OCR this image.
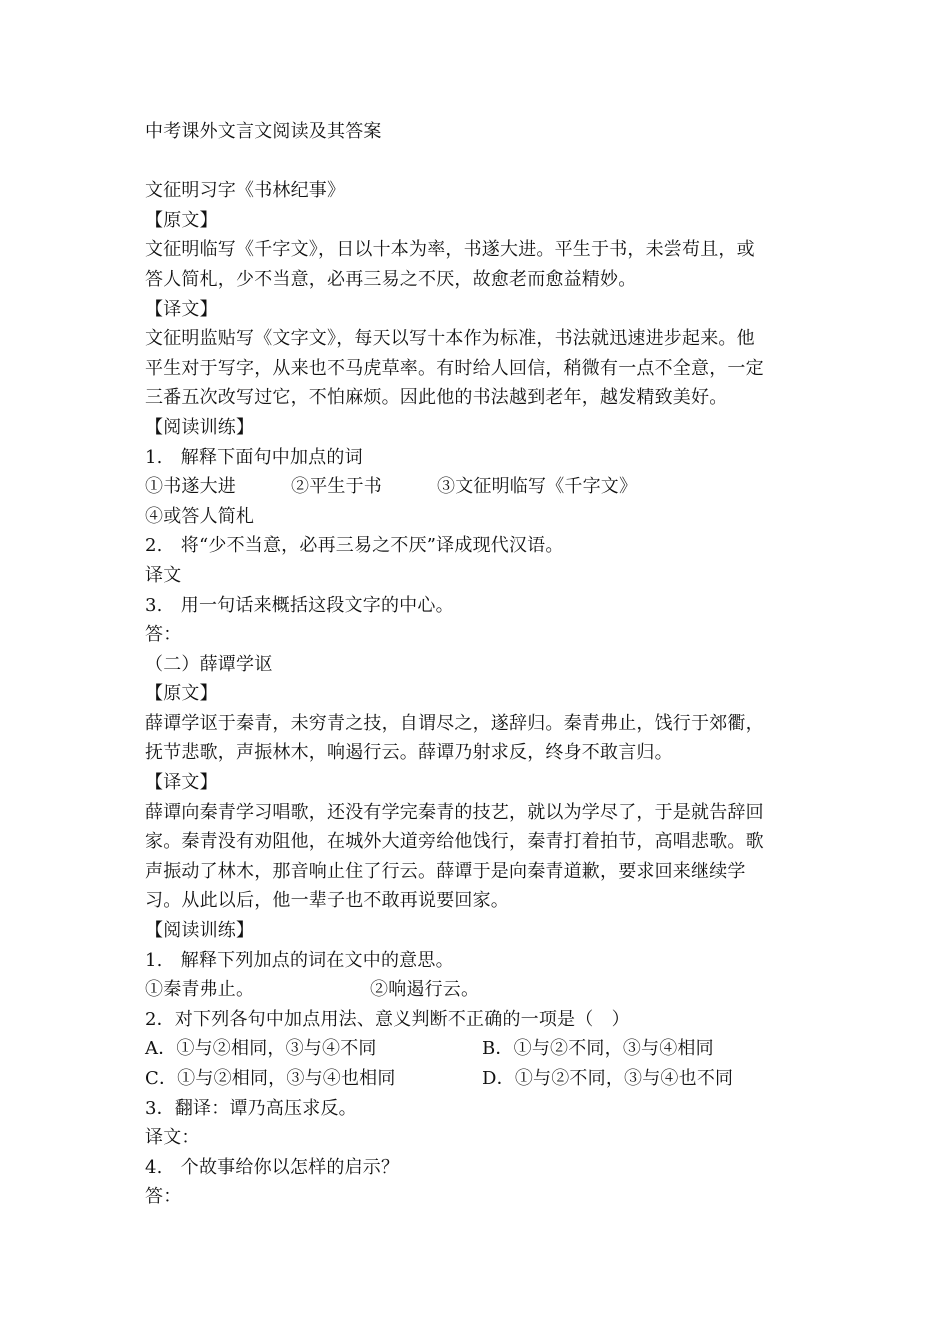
中考课外文言文阅读及其答案
文征明习字《书林纪事》
【原文】
文征明临写《千字文》，日以十本为率，书遂大进。平生于书，未尝苟且，或
答人简札，少不当意，必再三易之不厌，故愈老而愈益精妙。
【译文】
文征明监贴写《文字文》，每天以写十本作为标准，书法就迅速进步起来。他
平生对于写字，从来也不马虎草率。有时给人回信，稍微有一点不全意，一定
三番五次改写过它，不怕麻烦。因此他的书法越到老年，越发精致美好。
【阅读训练】
1.　解释下面句中加点的词
①书遂大进	②平生于书	③文征明临写《千字文》
④或答人简札
2.　将“少不当意，必再三易之不厌”译成现代汉语。
译文
3.　用一句话来概括这段文字的中心。
答：
（二）薛谭学讴
【原文】
薛谭学讴于秦青，未穷青之技，自谓尽之，遂辞归。秦青弗止，饯行于郊衢，
抚节悲歌，声振林木，响遏行云。薛谭乃射求反，终身不敢言归。
【译文】
薛谭向秦青学习唱歌，还没有学完秦青的技艺，就以为学尽了，于是就告辞回
家。秦青没有劝阻他，在城外大道旁给他饯行，秦青打着拍节，高唱悲歌。歌
声振动了林木，那音响止住了行云。薛谭于是向秦青道歉，要求回来继续学
习。从此以后，他一辈子也不敢再说要回家。
【阅读训练】
1.　解释下列加点的词在文中的意思。
①秦青弗止。	②响遏行云。
2．对下列各句中加点用法、意义判断不正确的一项是（　）
A．①与②相同，③与④不同	B．①与②不同，③与④相同
C．①与②相同，③与④也相同	D．①与②不同，③与④也不同
3．翻译：谭乃高压求反。
译文：
4.　个故事给你以怎样的启示？
答：
